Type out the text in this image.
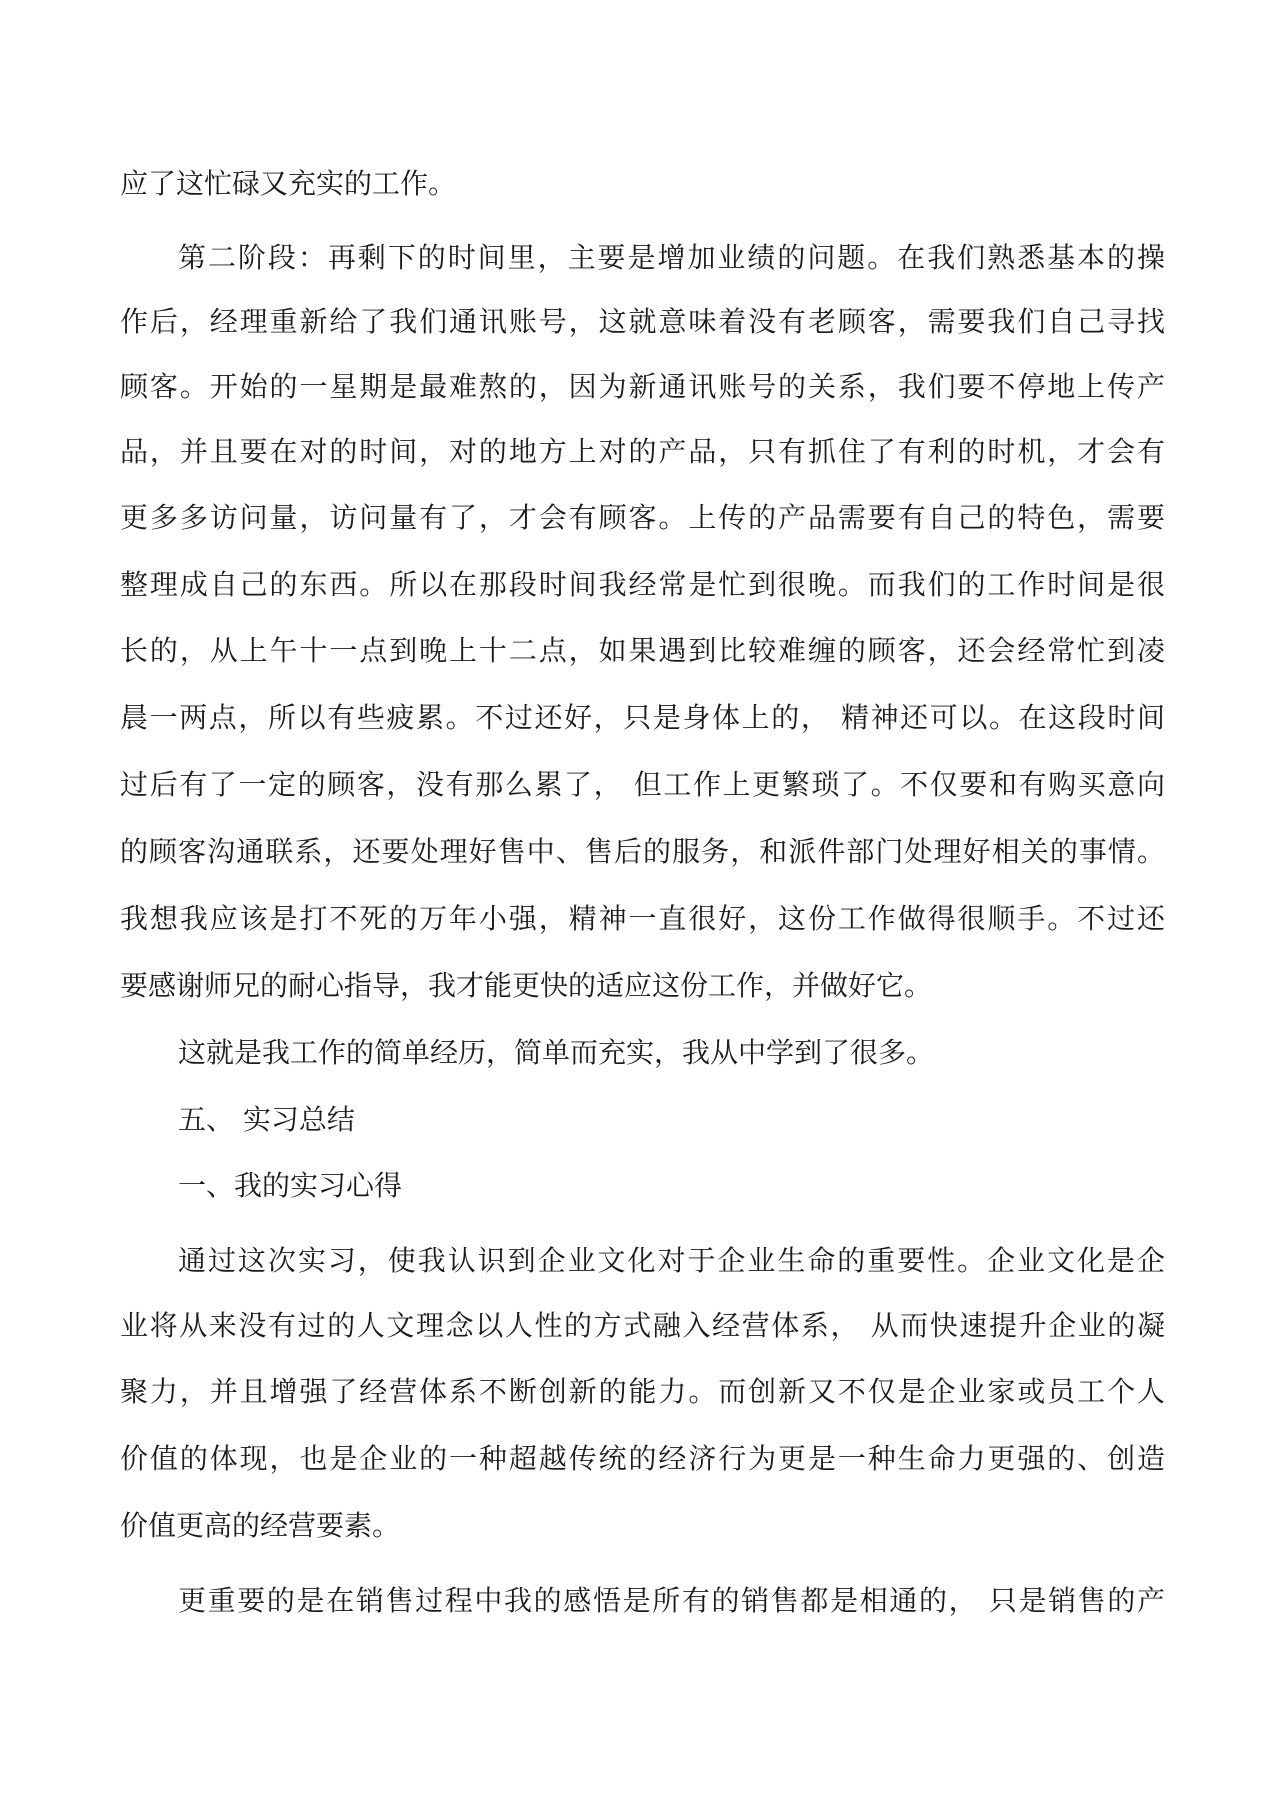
应了这忙碌又充实的工作。
第二阶段：再剩下的时间里，主要是增加业绩的问题。在我们熟悉基本的操
作后，经理重新给了我们通讯账号，这就意味着没有老顾客，需要我们自己寻找
顾客。开始的一星期是最难熬的，因为新通讯账号的关系，我们要不停地上传产
品，并且要在对的时间，对的地方上对的产品，只有抓住了有利的时机，才会有
更多多访问量，访问量有了，才会有顾客。上传的产品需要有自己的特色，需要
整理成自己的东西。所以在那段时间我经常是忙到很晚。而我们的工作时间是很
长的，从上午十一点到晚上十二点，如果遇到比较难缠的顾客，还会经常忙到凌
晨一两点，所以有些疲累。不过还好，只是身体上的， 精神还可以。在这段时间
过后有了一定的顾客，没有那么累了， 但工作上更繁琐了。不仅要和有购买意向
的顾客沟通联系，还要处理好售中、售后的服务，和派件部门处理好相关的事情。
我想我应该是打不死的万年小强，精神一直很好，这份工作做得很顺手。不过还
要感谢师兄的耐心指导，我才能更快的适应这份工作，并做好它。
这就是我工作的简单经历，简单而充实，我从中学到了很多。
五、 实习总结
一、我的实习心得
通过这次实习，使我认识到企业文化对于企业生命的重要性。企业文化是企
业将从来没有过的人文理念以人性的方式融入经营体系， 从而快速提升企业的凝
聚力，并且增强了经营体系不断创新的能力。而创新又不仅是企业家或员工个人
价值的体现，也是企业的一种超越传统的经济行为更是一种生命力更强的、创造
价值更高的经营要素。
更重要的是在销售过程中我的感悟是所有的销售都是相通的， 只是销售的产
